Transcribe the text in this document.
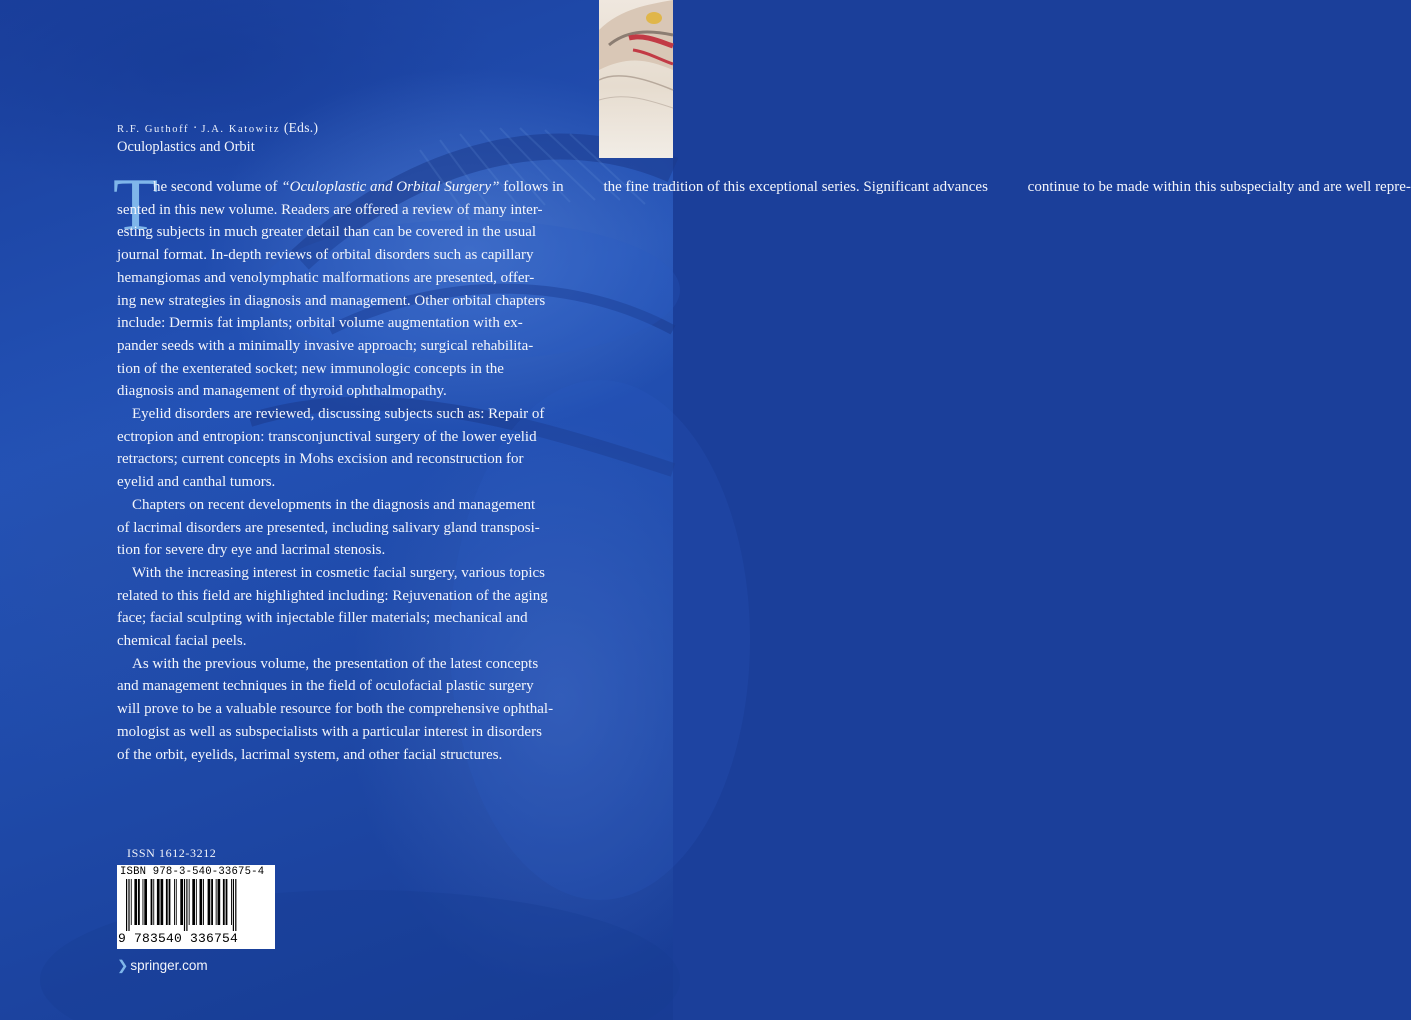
R.F. Guthoff · J.A. Katowitz (Eds.)
Oculoplastics and Orbit
T
he second volume of “Oculoplastic and Orbital Surgery” follows in	the fine tradition of this exceptional series. Significant advances	continue to be made within this subspecialty and are well repre-
sented in this new volume. Readers are offered a review of many inter-
esting subjects in much greater detail than can be covered in the usual
journal format. In-depth reviews of orbital disorders such as capillary
hemangiomas and venolymphatic malformations are presented, offer-
ing new strategies in diagnosis and management. Other orbital chapters
include: Dermis fat implants; orbital volume augmentation with ex-
pander seeds with a minimally invasive approach; surgical rehabilita-
tion of the exenterated socket; new immunologic concepts in the
diagnosis and management of thyroid ophthalmopathy.
Eyelid disorders are reviewed, discussing subjects such as: Repair of
ectropion and entropion: transconjunctival surgery of the lower eyelid
retractors; current concepts in Mohs excision and reconstruction for
eyelid and canthal tumors.
Chapters on recent developments in the diagnosis and management
of lacrimal disorders are presented, including salivary gland transposi-
tion for severe dry eye and lacrimal stenosis.
With the increasing interest in cosmetic facial surgery, various topics
related to this field are highlighted including: Rejuvenation of the aging
face; facial sculpting with injectable filler materials; mechanical and
chemical facial peels.
As with the previous volume, the presentation of the latest concepts
and management techniques in the field of oculofacial plastic surgery
will prove to be a valuable resource for both the comprehensive ophthal-
mologist as well as subspecialists with a particular interest in disorders
of the orbit, eyelids, lacrimal system, and other facial structures.
ISSN 1612-3212
ISBN 978-3-540-33675-4
9 783540 336754
❯ springer.com
